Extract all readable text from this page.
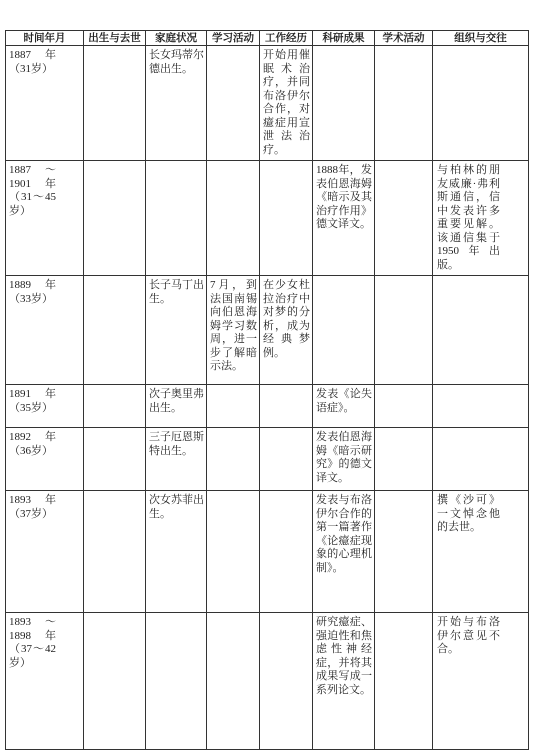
时间年月	出生与去世	家庭状况	学习活动	工作经历	科研成果	学术活动	组织与交往
1887年（31岁）		长女玛蒂尔德出生。		开始用催眠术治疗，并同布洛伊尔合作，对癔症用宣泄法治疗。			
1887～1901年（31～45岁）					1888年，发表伯恩海姆《暗示及其治疗作用》德文译文。		与柏林的朋友威廉·弗利斯通信，信中发表许多重要见解。该通信集于1950年出版。
1889年（33岁）		长子马丁出生。	7月，到法国南锡向伯恩海姆学习数周，进一步了解暗示法。	在少女杜拉治疗中对梦的分析，成为经典梦例。			
1891年（35岁）		次子奥里弗出生。			发表《论失语症》。		
1892年（36岁）		三子厄恩斯特出生。			发表伯恩海姆《暗示研究》的德文译文。		
1893年（37岁）		次女苏菲出生。			发表与布洛伊尔合作的第一篇著作《论癔症现象的心理机制》。		撰《沙可》一文悼念他的去世。
1893～1898年（37～42岁）					研究癔症、强迫性和焦虑性神经症，并将其成果写成一系列论文。		开始与布洛伊尔意见不合。
